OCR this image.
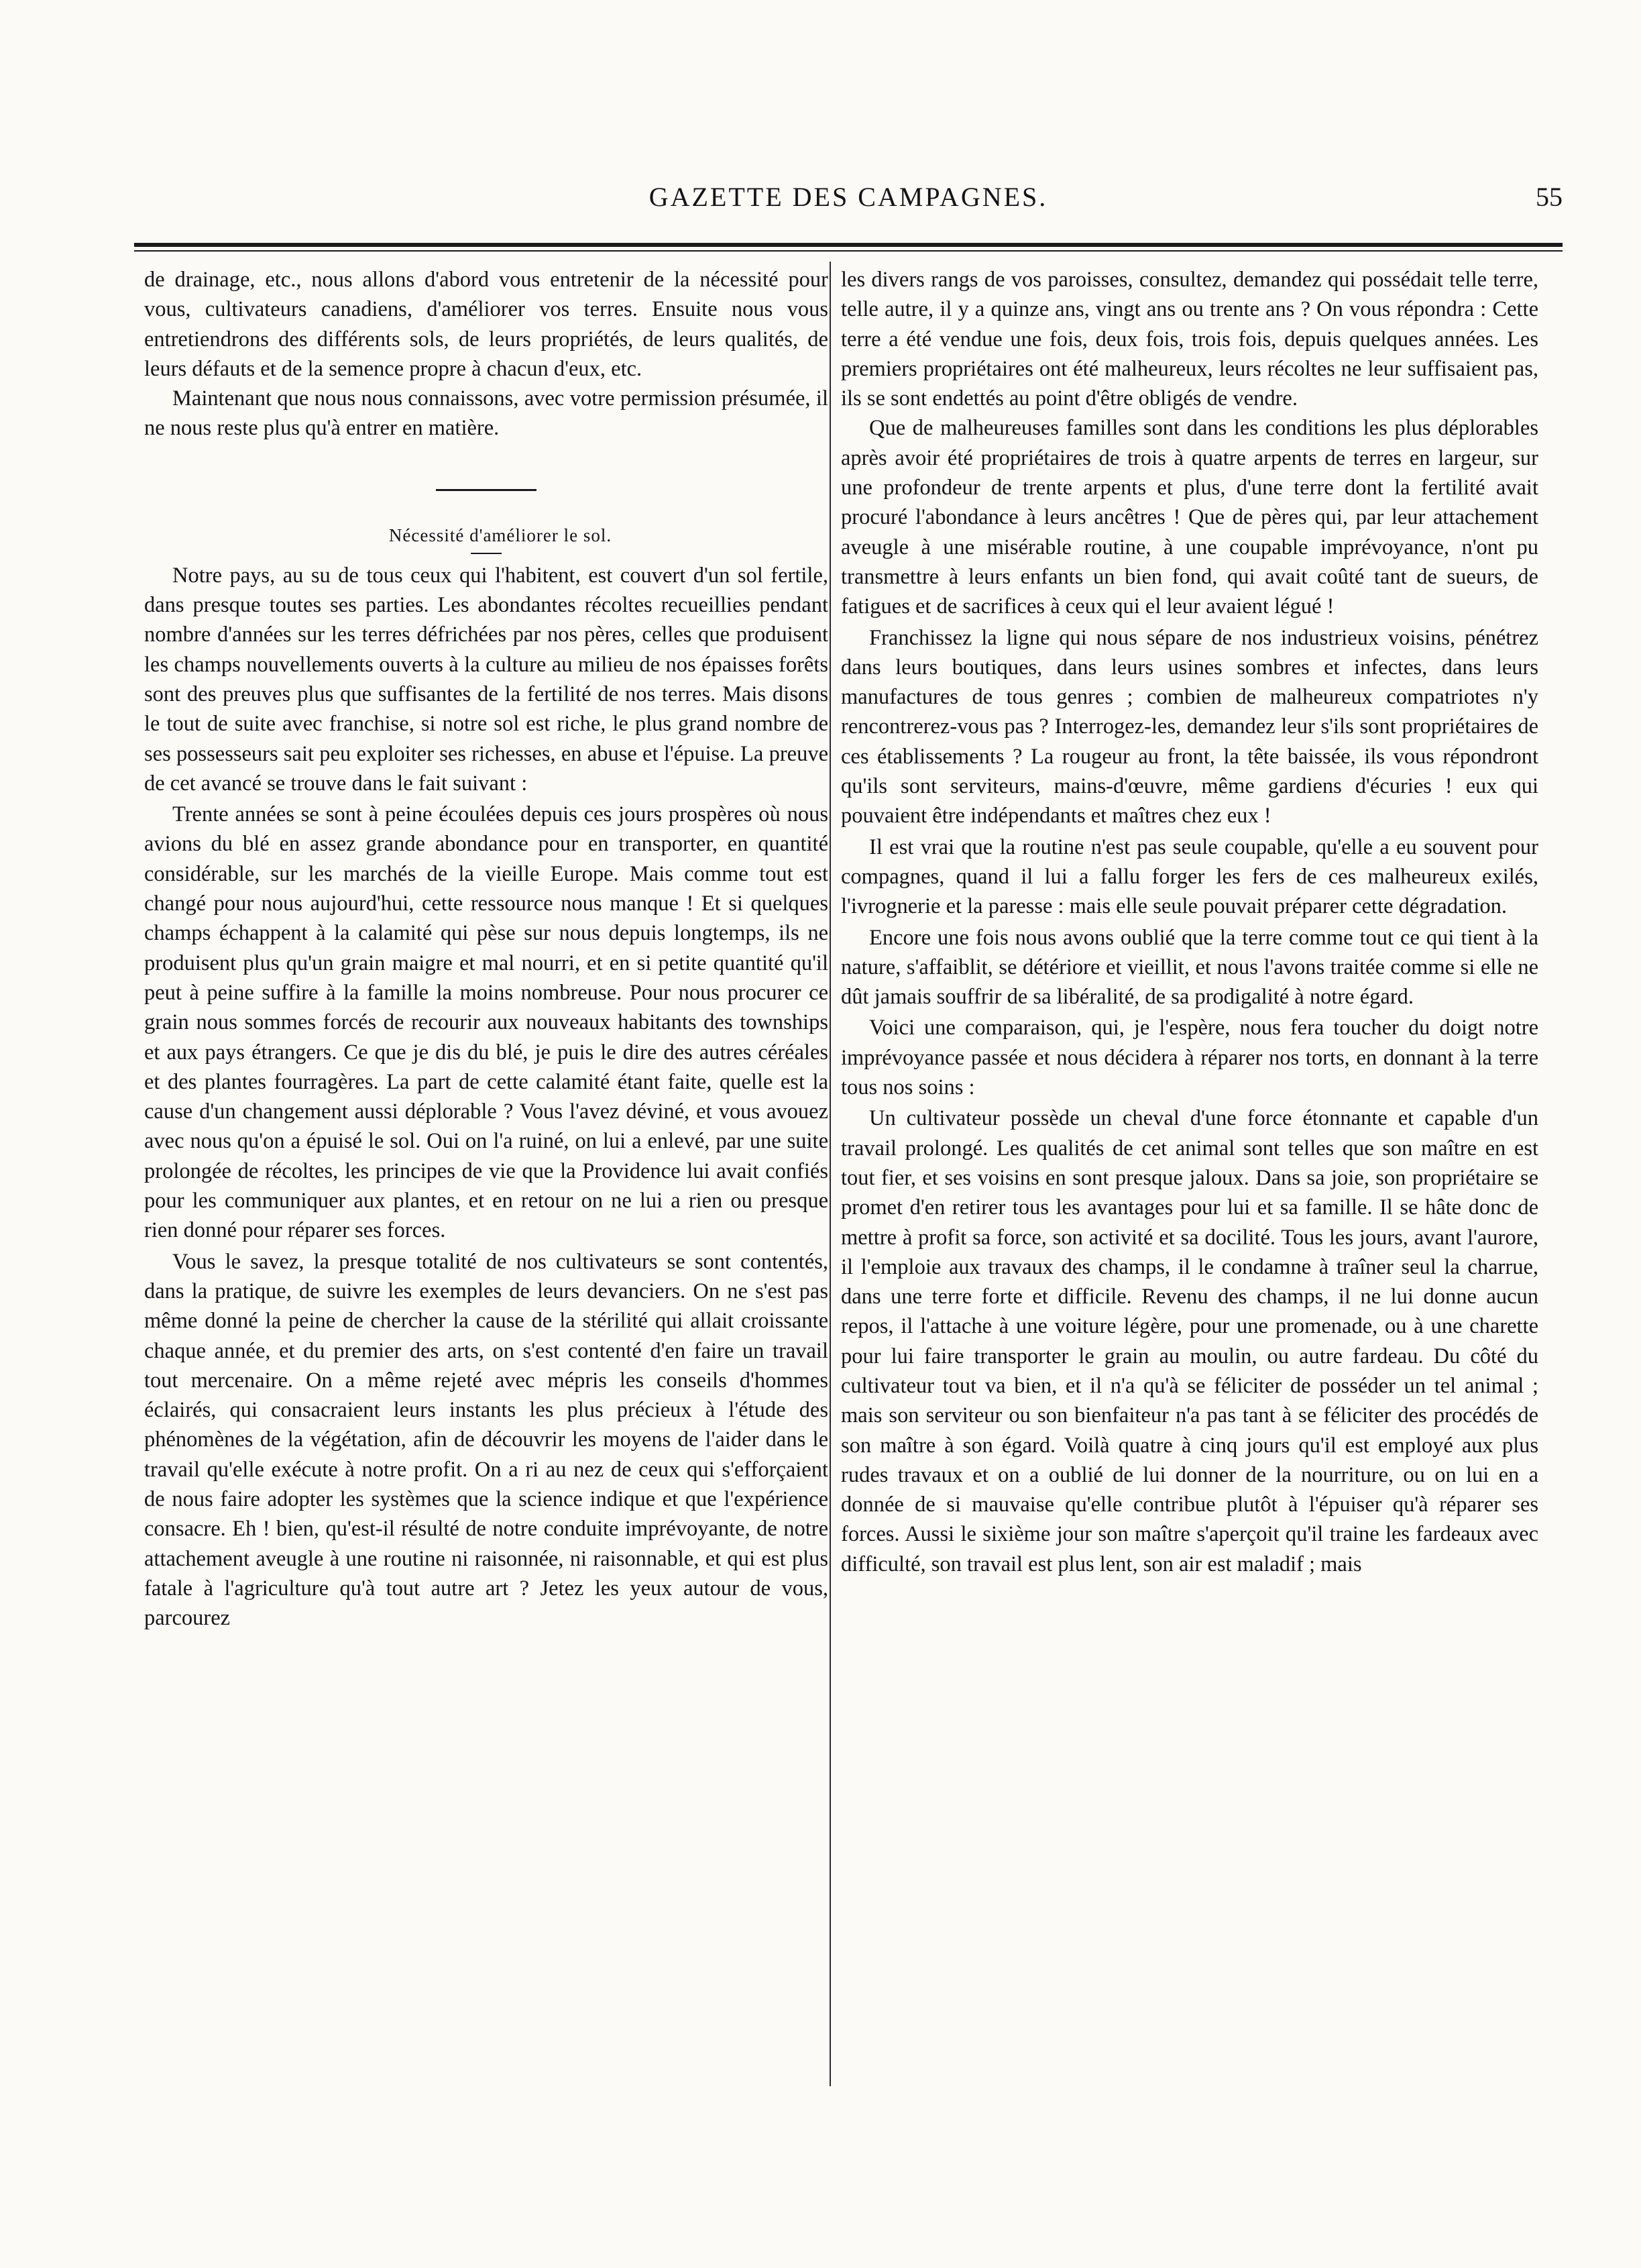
GAZETTE DES CAMPAGNES.	55

de drainage, etc., nous allons d'abord vous entretenir de la nécessité pour vous, cultivateurs canadiens, d'améliorer vos terres. Ensuite nous vous entretiendrons des différents sols, de leurs propriétés, de leurs qualités, de leurs défauts et de la semence propre à chacun d'eux, etc.

Maintenant que nous nous connaissons, avec votre permission présumée, il ne nous reste plus qu'à entrer en matière.

Nécessité d'améliorer le sol.

Notre pays, au su de tous ceux qui l'habitent, est couvert d'un sol fertile, dans presque toutes ses parties. Les abondantes récoltes recueillies pendant nombre d'années sur les terres défrichées par nos pères, celles que produisent les champs nouvellements ouverts à la culture au milieu de nos épaisses forêts sont des preuves plus que suffisantes de la fertilité de nos terres. Mais disons le tout de suite avec franchise, si notre sol est riche, le plus grand nombre de ses possesseurs sait peu exploiter ses richesses, en abuse et l'épuise. La preuve de cet avancé se trouve dans le fait suivant :

Trente années se sont à peine écoulées depuis ces jours prospères où nous avions du blé en assez grande abondance pour en transporter, en quantité considérable, sur les marchés de la vieille Europe. Mais comme tout est changé pour nous aujourd'hui, cette ressource nous manque ! Et si quelques champs échappent à la calamité qui pèse sur nous depuis longtemps, ils ne produisent plus qu'un grain maigre et mal nourri, et en si petite quantité qu'il peut à peine suffire à la famille la moins nombreuse. Pour nous procurer ce grain nous sommes forcés de recourir aux nouveaux habitants des townships et aux pays étrangers. Ce que je dis du blé, je puis le dire des autres céréales et des plantes fourragères. La part de cette calamité étant faite, quelle est la cause d'un changement aussi déplorable ? Vous l'avez déviné, et vous avouez avec nous qu'on a épuisé le sol. Oui on l'a ruiné, on lui a enlevé, par une suite prolongée de récoltes, les principes de vie que la Providence lui avait confiés pour les communiquer aux plantes, et en retour on ne lui a rien ou presque rien donné pour réparer ses forces.

Vous le savez, la presque totalité de nos cultivateurs se sont contentés, dans la pratique, de suivre les exemples de leurs devanciers. On ne s'est pas même donné la peine de chercher la cause de la stérilité qui allait croissante chaque année, et du premier des arts, on s'est contenté d'en faire un travail tout mercenaire. On a même rejeté avec mépris les conseils d'hommes éclairés, qui consacraient leurs instants les plus précieux à l'étude des phénomènes de la végétation, afin de découvrir les moyens de l'aider dans le travail qu'elle exécute à notre profit. On a ri au nez de ceux qui s'efforçaient de nous faire adopter les systèmes que la science indique et que l'expérience consacre. Eh ! bien, qu'est-il résulté de notre conduite imprévoyante, de notre attachement aveugle à une routine ni raisonnée, ni raisonnable, et qui est plus fatale à l'agriculture qu'à tout autre art ? Jetez les yeux autour de vous, parcourez

les divers rangs de vos paroisses, consultez, demandez qui possédait telle terre, telle autre, il y a quinze ans, vingt ans ou trente ans ? On vous répondra : Cette terre a été vendue une fois, deux fois, trois fois, depuis quelques années. Les premiers propriétaires ont été malheureux, leurs récoltes ne leur suffisaient pas, ils se sont endettés au point d'être obligés de vendre.

Que de malheureuses familles sont dans les conditions les plus déplorables après avoir été propriétaires de trois à quatre arpents de terres en largeur, sur une profondeur de trente arpents et plus, d'une terre dont la fertilité avait procuré l'abondance à leurs ancêtres ! Que de pères qui, par leur attachement aveugle à une misérable routine, à une coupable imprévoyance, n'ont pu transmettre à leurs enfants un bien fond, qui avait coûté tant de sueurs, de fatigues et de sacrifices à ceux qui el leur avaient légué !

Franchissez la ligne qui nous sépare de nos industrieux voisins, pénétrez dans leurs boutiques, dans leurs usines sombres et infectes, dans leurs manufactures de tous genres ; combien de malheureux compatriotes n'y rencontrerez-vous pas ? Interrogez-les, demandez leur s'ils sont propriétaires de ces établissements ? La rougeur au front, la tête baissée, ils vous répondront qu'ils sont serviteurs, mains-d'œuvre, même gardiens d'écuries ! eux qui pouvaient être indépendants et maîtres chez eux !

Il est vrai que la routine n'est pas seule coupable, qu'elle a eu souvent pour compagnes, quand il lui a fallu forger les fers de ces malheureux exilés, l'ivrognerie et la paresse : mais elle seule pouvait préparer cette dégradation.

Encore une fois nous avons oublié que la terre comme tout ce qui tient à la nature, s'affaiblit, se détériore et vieillit, et nous l'avons traitée comme si elle ne dût jamais souffrir de sa libéralité, de sa prodigalité à notre égard.

Voici une comparaison, qui, je l'espère, nous fera toucher du doigt notre imprévoyance passée et nous décidera à réparer nos torts, en donnant à la terre tous nos soins :

Un cultivateur possède un cheval d'une force étonnante et capable d'un travail prolongé. Les qualités de cet animal sont telles que son maître en est tout fier, et ses voisins en sont presque jaloux. Dans sa joie, son propriétaire se promet d'en retirer tous les avantages pour lui et sa famille. Il se hâte donc de mettre à profit sa force, son activité et sa docilité. Tous les jours, avant l'aurore, il l'emploie aux travaux des champs, il le condamne à traîner seul la charrue, dans une terre forte et difficile. Revenu des champs, il ne lui donne aucun repos, il l'attache à une voiture légère, pour une promenade, ou à une charette pour lui faire transporter le grain au moulin, ou autre fardeau. Du côté du cultivateur tout va bien, et il n'a qu'à se féliciter de posséder un tel animal ; mais son serviteur ou son bienfaiteur n'a pas tant à se féliciter des procédés de son maître à son égard. Voilà quatre à cinq jours qu'il est employé aux plus rudes travaux et on a oublié de lui donner de la nourriture, ou on lui en a donnée de si mauvaise qu'elle contribue plutôt à l'épuiser qu'à réparer ses forces. Aussi le sixième jour son maître s'aperçoit qu'il traine les fardeaux avec difficulté, son travail est plus lent, son air est maladif ; mais
